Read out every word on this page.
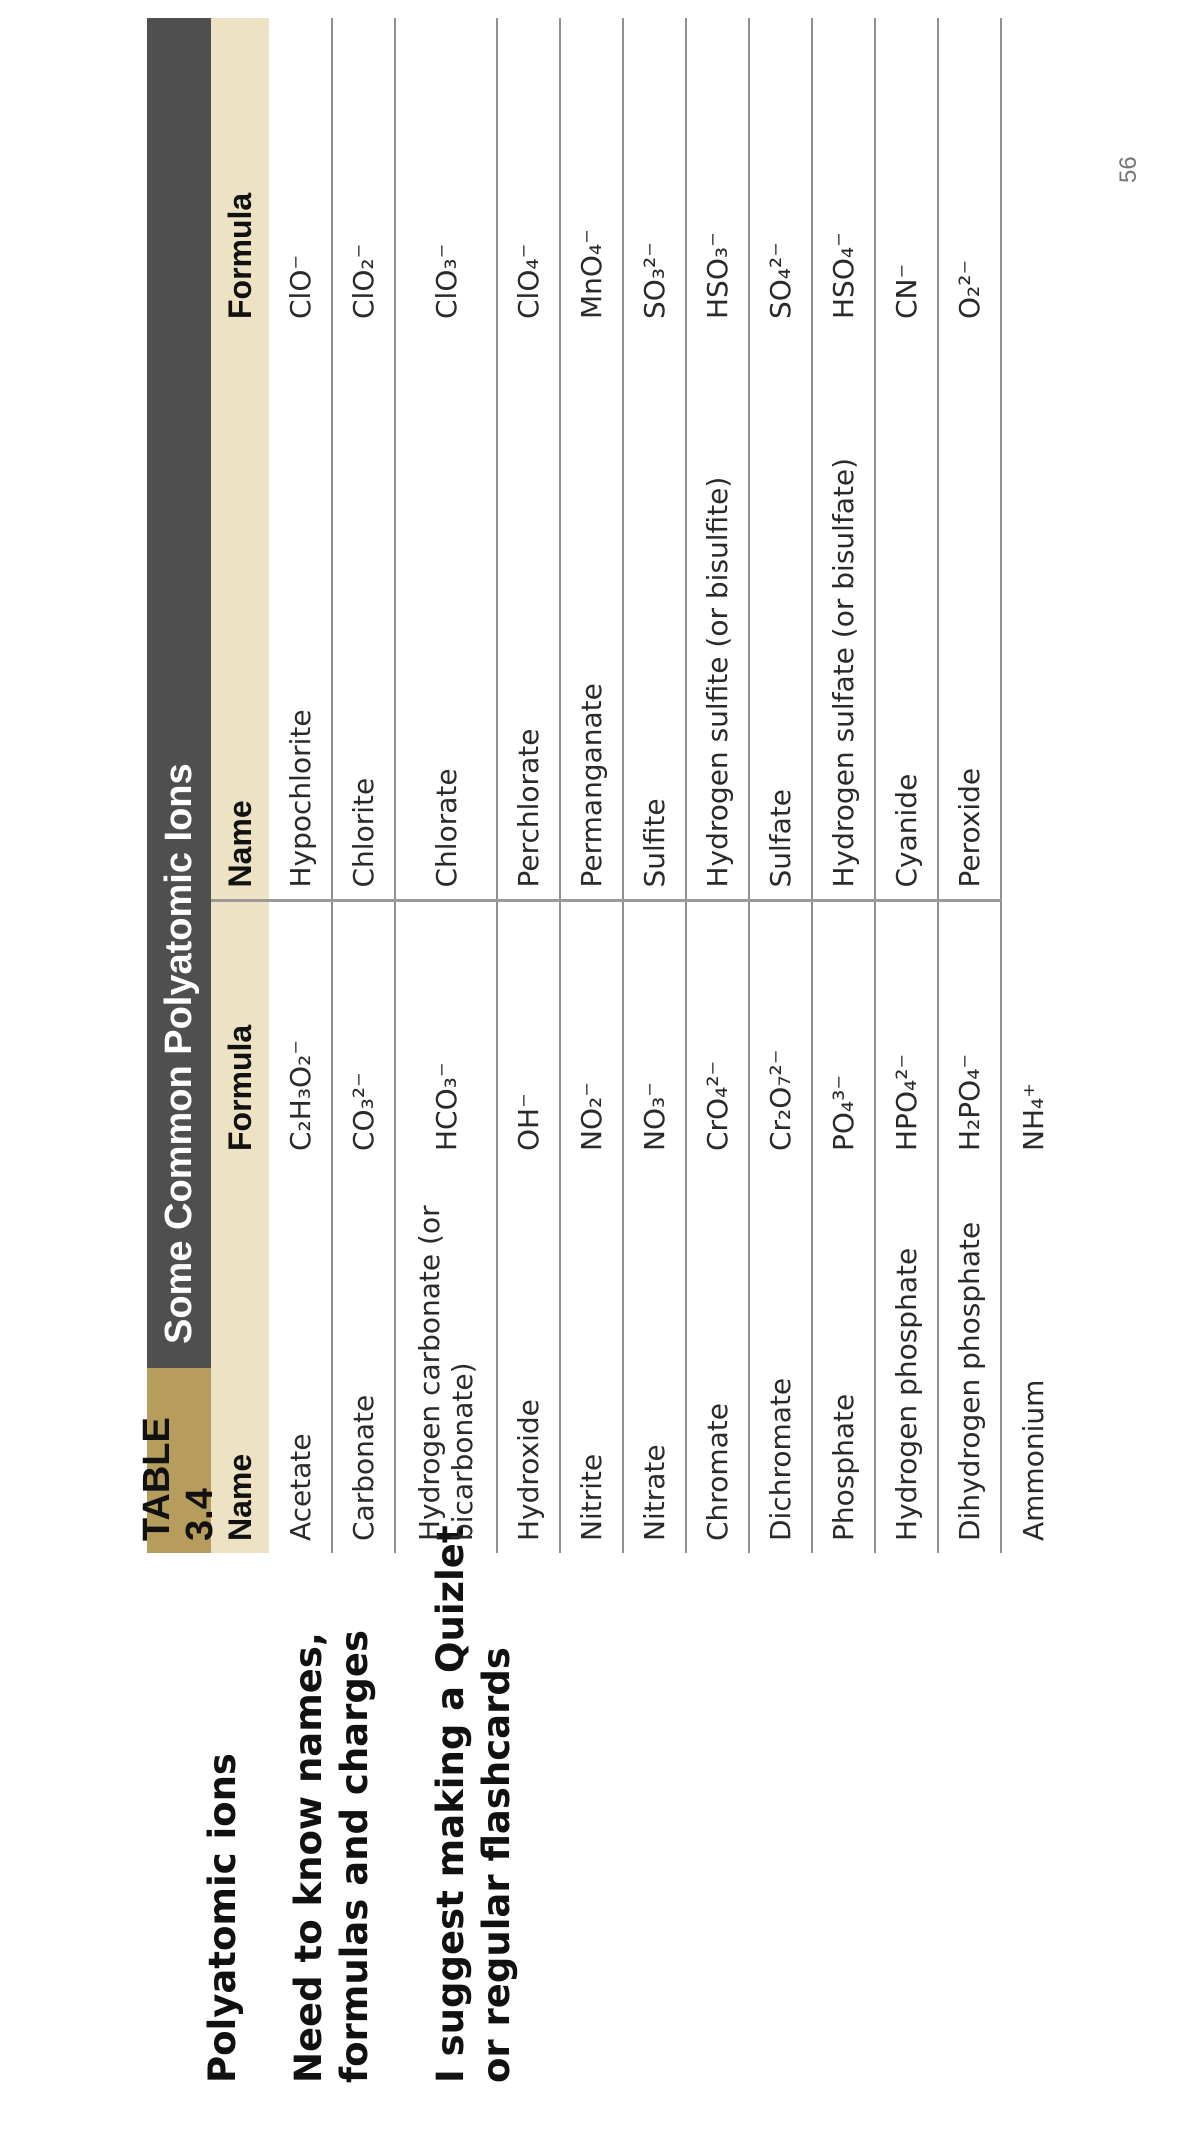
Polyatomic ions Need to know names, formulas and charges I suggest making a Quizlet or regular flashcards
TABLE 3.4
Some Common Polyatomic Ions
Name	Formula	Name	Formula
Acetate	C₂H₃O₂⁻	Hypochlorite	ClO⁻
Carbonate	CO₃²⁻	Chlorite	ClO₂⁻
Hydrogen carbonate (or bicarbonate)	HCO₃⁻	Chlorate	ClO₃⁻
Hydroxide	OH⁻	Perchlorate	ClO₄⁻
Nitrite	NO₂⁻	Permanganate	MnO₄⁻
Nitrate	NO₃⁻	Sulfite	SO₃²⁻
Chromate	CrO₄²⁻	Hydrogen sulfite (or bisulfite)	HSO₃⁻
Dichromate	Cr₂O₇²⁻	Sulfate	SO₄²⁻
Phosphate	PO₄³⁻	Hydrogen sulfate (or bisulfate)	HSO₄⁻
Hydrogen phosphate	HPO₄²⁻	Cyanide	CN⁻
Dihydrogen phosphate	H₂PO₄⁻	Peroxide	O₂²⁻
Ammonium	NH₄⁺		
56
